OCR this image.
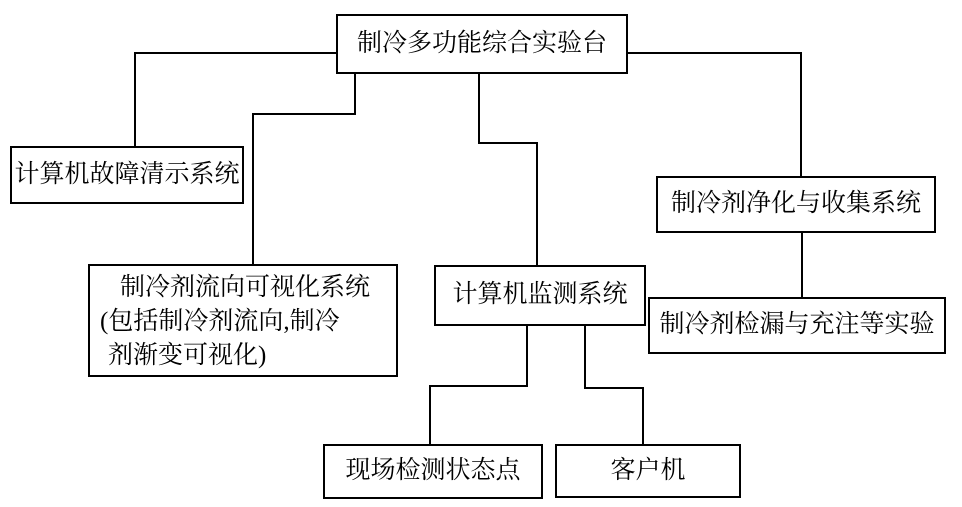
制冷多功能综合实验台
计算机故障清示系统
制冷剂流向可视化系统
(包括制冷剂流向,制冷
剂渐变可视化)
计算机监测系统
制冷剂净化与收集系统
制冷剂检漏与充注等实验
现场检测状态点	客户机
